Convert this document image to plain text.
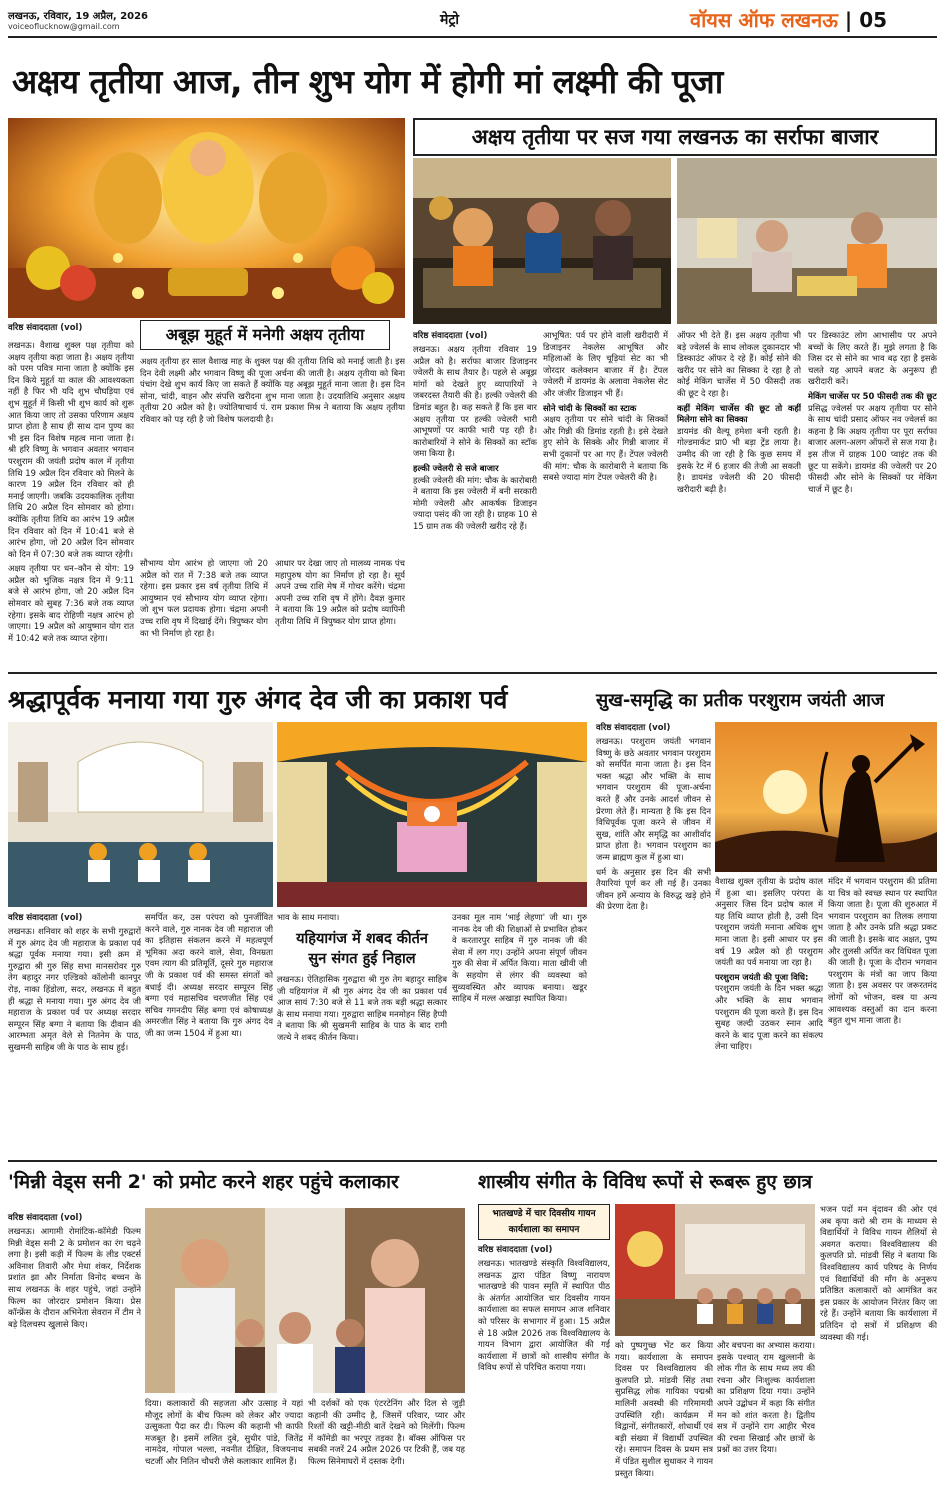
लखनऊ, रविवार, 19 अप्रैल, 2026
voiceoflucknow@gmail.com	मेट्रो	वॉयस ऑफ लखनऊ | 05
अक्षय तृतीया आज, तीन शुभ योग में होगी मां लक्ष्मी की पूजा
वरिष्ठ संवाददाता (vol)	अबूझ मुहूर्त में मनेगी अक्षय तृतीया

लखनऊ। वैशाख शुक्ल पक्ष तृतीया को अक्षय तृतीया कहा जाता है। अक्षय तृतीया को परम पवित्र माना जाता है क्योंकि इस दिन किये मुहूर्त या काल की आवश्यकता नहीं है फिर भी यदि शुभ चौघड़िया एवं शुभ मुहूर्त में किसी भी शुभ कार्य को शुरू आत किया जाए तो उसका परिणाम अक्षय प्राप्त होता है साथ ही साथ दान पुण्य का भी इस दिन विशेष महत्व माना जाता है। श्री हरि विष्णु के भगवान अवतार भगवान परशुराम की जयंती प्रदोष काल में तृतीया तिथि 19 अप्रैल दिन रविवार को मिलने के कारण 19 अप्रैल दिन रविवार को ही मनाई जाएगी। जबकि उदयकालिक तृतीया तिथि 20 अप्रैल दिन सोमवार को होगा। क्योंकि तृतीया तिथि का आरंभ 19 अप्रैल दिन रविवार को दिन में 10:41 बजे से आरंभ होगा, जो 20 अप्रैल दिन सोमवार को दिन में 07:30 बजे तक व्याप्त रहेगी।

अक्षय तृतीया पर धन–कौन से योग: 19 अप्रैल को भुजिक नक्षत्र दिन में 9:11 बजे से आरंभ होगा, जो 20 अप्रैल दिन सोमवार को सुबह 7:36 बजे तक व्याप्त रहेगा। इसके बाद रोहिणी नक्षत्र आरंभ हो जाएगा। 19 अप्रैल को आयुष्मान योग रात में 10:42 बजे तक व्याप्त रहेगा।

अक्षय तृतीया हर साल वैशाख माह के शुक्ल पक्ष की तृतीया तिथि को मनाई जाती है। इस दिन देवी लक्ष्मी और भगवान विष्णु की पूजा अर्चना की जाती है। अक्षय तृतीया को बिना पंचांग देखे शुभ कार्य किए जा सकते हैं क्योंकि यह अबूझ मुहूर्त माना जाता है। इस दिन सोना, चांदी, वाहन और संपत्ति खरीदना शुभ माना जाता है। उदयातिथि अनुसार अक्षय तृतीया 20 अप्रैल को है। ज्योतिषाचार्य पं. राम प्रकाश मिश्र ने बताया कि अक्षय तृतीया रविवार को पड़ रही है जो विशेष फलदायी है।
सौभाग्य योग आरंभ हो जाएगा जो 20 अप्रैल को रात में 7:38 बजे तक व्याप्त रहेगा। इस प्रकार इस वर्ष तृतीया तिथि में आयुष्मान एवं सौभाग्य योग व्याप्त रहेगा। जो शुभ फल प्रदायक होगा। चंद्रमा अपनी उच्च राशि वृष में दिखाई देंगे। त्रिपुष्कर योग का भी निर्माण हो रहा है।
आधार पर देखा जाए तो मालव्य नामक पंच महापुरुष योग का निर्माण हो रहा है। सूर्य अपने उच्च राशि मेष में गोचर करेंगे। चंद्रमा अपनी उच्च राशि वृष में होंगे। दैवज्ञ कुमार ने बताया कि 19 अप्रैल को प्रदोष व्यापिनी तृतीया तिथि में त्रिपुष्कर योग प्राप्त होगा।
अक्षय तृतीया पर सज गया लखनऊ का सर्राफा बाजार
वरिष्ठ संवाददाता (vol)

लखनऊ। अक्षय तृतीया रविवार 19 अप्रैल को है। सर्राफा बाजार डिजाइनर ज्वेलरी के साथ तैयार है। पहले से अबूझ मांगों को देखते हुए व्यापारियों ने जबरदस्त तैयारी की है। हल्की ज्वेलरी की डिमांड बहुत है। कह सकते हैं कि इस बार अक्षय तृतीया पर हल्की ज्वेलरी भारी आभूषणों पर काफी भारी पड़ रही है। कारोबारियों ने सोने के सिक्कों का स्टॉक जमा किया है।

हल्की ज्वेलरी से सजे बाजार

हल्की ज्वेलरी की मांग: चौक के कारोबारी ने बताया कि इस ज्वेलरी में बनी सरकारी मोमी ज्वेलरी और आकर्षक डिजाइन ज्यादा पसंद की जा रही है। ग्राहक 10 से 15 ग्राम तक की ज्वेलरी खरीद रहे हैं।

आभूषित: पर्व पर होने वाली खरीदारी में डिजाइनर नेकलेस आभूषित और महिलाओं के लिए चूड़ियां सेट का भी जोरदार कलेक्शन बाजार में है। टेंपल ज्वेलरी में डायमंड के अलावा नेकलेस सेट और जंजीर डिजाइन भी हैं।

सोने चांदी के सिक्कों का स्टाक

अक्षय तृतीया पर सोने चांदी के सिक्कों और गिन्नी की डिमांड रहती है। इसे देखते हुए सोने के सिक्के और गिन्नी बाजार में सभी दुकानों पर आ गए हैं। टेंपल ज्वेलरी की मांग: चौक के कारोबारी ने बताया कि सबसे ज्यादा मांग टेंपल ज्वेलरी की है।

ऑफर भी देते हैं। इस अक्षय तृतीया भी बड़े ज्वेलर्स के साथ लोकल दुकानदार भी डिस्काउंट ऑफर दे रहे हैं। कोई सोने की खरीद पर सोने का सिक्का दे रहा है तो कोई मेकिंग चार्जेस में 50 फीसदी तक की छूट दे रहा है।

कहीं मेकिंग चार्जेस की छूट तो कहीं मिलेगा सोने का सिक्का

डायमंड की वैल्यू हमेशा बनी रहती है। गोल्डमार्कट प्रा0 भी बड़ा ट्रेंड लाया है। उम्मीद की जा रही है कि कुछ समय में इसके रेट में 6 हजार की तेजी आ सकती है। डायमंड ज्वेलरी की 20 फीसदी खरीदारी बढ़ी है।

पर डिस्काउंट लोग आभासीय पर अपने बच्चों के लिए करते हैं। मुझे लगता है कि जिस दर से सोने का भाव बढ़ रहा है इसके चलते यह आपने बजट के अनुरूप ही खरीदारी करें।

मेकिंग चार्जेस पर 50 फीसदी तक की छूट

प्रसिद्ध ज्वेलर्स पर अक्षय तृतीया पर सोने के साथ चांदी प्रसाद ऑफर नव ज्वेलर्स का कहना है कि अक्षय तृतीया पर पूरा सर्राफा बाजार अलग-अलग ऑफरों से सज गया है। इस तीज में ग्राहक 100 प्वाइंट तक की छूट पा सकेंगे। डायमंड की ज्वेलरी पर 20 फीसदी और सोने के सिक्कों पर मेकिंग चार्ज में छूट है।

श्रद्धापूर्वक मनाया गया गुरु अंगद देव जी का प्रकाश पर्व
वरिष्ठ संवाददाता (vol)
लखनऊ। शनिवार को शहर के सभी गुरुद्वारों में गुरु अंगद देव जी महाराज के प्रकाश पर्व श्रद्धा पूर्वक मनाया गया। इसी क्रम में गुरुद्वारा श्री गुरु सिंह सभा मानसरोवर गुरु तेग बहादुर नगर एल्डिको कॉलोनी कानपुर रोड़, नाका हिंडोला, सदर, लखनऊ में बहुत ही श्रद्धा से मनाया गया। गुरु अंगद देव जी महाराज के प्रकाश पर्व पर अध्यक्ष सरदार सम्पूरन सिंह बग्गा ने बताया कि दीवान की आरम्भता अमृत वेले से नितनेम के पाठ, सुखमनी साहिब जी के पाठ के साथ हुई।
समर्पित कर, उस परंपरा को पुनर्जीवित करने वाले, गुरु नानक देव जी महाराज जी का इतिहास संकलन करने में महत्वपूर्ण भूमिका अदा करने वाले, सेवा, विनम्रता एवम त्याग की प्रतिमूर्ति, दूसरे गुरु महाराज जी के प्रकाश पर्व की समस्त संगतों को बधाई दी। अध्यक्ष सरदार सम्पूरन सिंह बग्गा एवं महासचिव चरणजीत सिंह एवं सचिव गगनदीप सिंह बग्गा एवं कोषाध्यक्ष अमरजीत सिंह ने बताया कि गुरु अंगद देव जी का जन्म 1504 में हुआ था।
भाव के साथ मनाया।
यहियागंज में शबद कीर्तन
सुन संगत हुई निहाल
लखनऊ। ऐतिहासिक गुरुद्वारा श्री गुरु तेग बहादुर साहिब जी यहियागंज में श्री गुरु अंगद देव जी का प्रकाश पर्व आज सायं 7:30 बजे से 11 बजे तक बड़ी श्रद्धा सत्कार के साथ मनाया गया। गुरुद्वारा साहिब मनमोहन सिंह हैप्पी ने बताया कि श्री सुखमनी साहिब के पाठ के बाद रागी जत्थे ने शबद कीर्तन किया।
उनका मूल नाम 'भाई लेहणा' जी था। गुरु नानक देव जी की शिक्षाओं से प्रभावित होकर वे करतारपुर साहिब में गुरु नानक जी की सेवा में लग गए। उन्होंने अपना संपूर्ण जीवन गुरु की सेवा में अर्पित किया। माता खीवी जी के सहयोग से लंगर की व्यवस्था को सुव्यवस्थित और व्यापक बनाया। खडूर साहिब में मल्ल अखाड़ा स्थापित किया।
सुख-समृद्धि का प्रतीक परशुराम जयंती आज
वरिष्ठ संवाददाता (vol)

लखनऊ। परशुराम जयंती भगवान विष्णु के छठे अवतार भगवान परशुराम को समर्पित माना जाता है। इस दिन भक्त श्रद्धा और भक्ति के साथ भगवान परशुराम की पूजा-अर्चना करते हैं और उनके आदर्श जीवन से प्रेरणा लेते हैं। मान्यता है कि इस दिन विधिपूर्वक पूजा करने से जीवन में सुख, शांति और समृद्धि का आशीर्वाद प्राप्त होता है। भगवान परशुराम का जन्म ब्राह्मण कुल में हुआ था।

धर्म के अनुसार इस दिन की सभी तैयारियां पूर्ण कर ली गई हैं। उनका जीवन हमें अन्याय के विरुद्ध खड़े होने की प्रेरणा देता है।

वैशाख शुक्ल तृतीया के प्रदोष काल में हुआ था। इसलिए परंपरा के अनुसार जिस दिन प्रदोष काल में यह तिथि व्याप्त होती है, उसी दिन परशुराम जयंती मनाना अधिक शुभ माना जाता है। इसी आधार पर इस वर्ष 19 अप्रैल को ही परशुराम जयंती का पर्व मनाया जा रहा है।

परशुराम जयंती की पूजा विधि:

परशुराम जयंती के दिन भक्त श्रद्धा और भक्ति के साथ भगवान परशुराम की पूजा करते हैं। इस दिन सुबह जल्दी उठकर स्नान आदि करने के बाद पूजा करने का संकल्प लेना चाहिए।

मंदिर में भगवान परशुराम की प्रतिमा या चित्र को स्वच्छ स्थान पर स्थापित किया जाता है। पूजा की शुरुआत में भगवान परशुराम का तिलक लगाया जाता है और उनके प्रति श्रद्धा प्रकट की जाती है। इसके बाद अक्षत, पुष्प और तुलसी अर्पित कर विधिवत पूजा की जाती है। पूजा के दौरान भगवान परशुराम के मंत्रों का जाप किया जाता है। इस अवसर पर जरूरतमंद लोगों को भोजन, वस्त्र या अन्य आवश्यक वस्तुओं का दान करना बहुत शुभ माना जाता है।
'मिन्नी वेड्स सनी 2' को प्रमोट करने शहर पहुंचे कलाकार
वरिष्ठ संवाददाता (vol)
लखनऊ। आगामी रोमांटिक-कॉमेडी फिल्म मिन्नी वेड्स सनी 2 के प्रमोशन का रंग चढ़ने लगा है। इसी कड़ी में फिल्म के लीड एक्टर्स अविनाश तिवारी और मेधा शंकर, निर्देशक प्रशांत झा और निर्माता विनोद बच्चन के साथ लखनऊ के शहर पहुंचे, जहां उन्होंने फिल्म का जोरदार प्रमोशन किया। प्रेस कॉन्फ्रेंस के दौरान अभिनेता सेवरान में टीम ने बड़े दिलचस्प खुलासे किए।
दिया। कलाकारों की सहजता और उत्साह ने यहां मौजूद लोगों के बीच फिल्म को लेकर और ज्यादा उत्सुकता पैदा कर दी। फिल्म की कहानी भी काफी मजबूत है। इसमें ललित दुबे, सुधीर पांडे, जितेंद्र नामदेव, गोपाल भल्ला, नवनीत दीक्षित, विजयनाथ चटर्जी और नितिन चौधरी जैसे कलाकार शामिल हैं।
भी दर्शकों को एक एंटरटेनिंग और दिल से जुड़ी कहानी की उम्मीद है, जिसमें परिवार, प्यार और रिश्तों की खट्टी-मीठी बातें देखने को मिलेंगी। फिल्म में कॉमेडी का भरपूर तड़का है। बॉक्स ऑफिस पर सबकी नजरें 24 अप्रैल 2026 पर टिकी हैं, जब यह फिल्म सिनेमाघरों में दस्तक देगी।
शास्त्रीय संगीत के विविध रूपों से रूबरू हुए छात्र
भातखण्डे में चार दिवसीय गायन कार्यशाला का समापन
वरिष्ठ संवाददाता (vol)
लखनऊ। भातखण्डे संस्कृति विश्वविद्यालय, लखनऊ द्वारा पंडित विष्णु नारायण भातखण्डे की पावन स्मृति में स्थापित पीठ के अंतर्गत आयोजित चार दिवसीय गायन कार्यशाला का सफल समापन आज शनिवार को परिसर के सभागार में हुआ। 15 अप्रैल से 18 अप्रैल 2026 तक विश्वविद्यालय के गायन विभाग द्वारा आयोजित की गई कार्यशाला में छात्रों को शास्त्रीय संगीत के विविध रूपों से परिचित कराया गया।
को पुष्पगुच्छ भेंट कर किया गया। कार्यशाला के समापन दिवस पर विश्वविद्यालय की कुलपति प्रो. मांडवी सिंह तथा सुप्रसिद्ध लोक गायिका पद्मश्री मालिनी अवस्थी की गरिमामयी उपस्थिति रही। कार्यक्रम में विद्वानों, संगीतकारों, शोधार्थी एवं बड़ी संख्या में विद्यार्थी उपस्थित रहे। समापन दिवस के प्रथम सत्र में पंडित सुशील सुधाकर ने गायन प्रस्तुत किया।
और बचपना का अभ्यास कराया। इसके पश्चात् राम खुल्लानी के लोक गीत के साथ मध्य लय की रचना और निःशुल्क कार्यशाला का प्रशिक्षण दिया गया। उन्होंने अपने उद्बोधन में कहा कि संगीत मन को शांत करता है। द्वितीय सत्र में उन्होंने राग आहीर भैरव की रचना सिखाई और छात्रों के प्रश्नों का उत्तर दिया।
भजन पदों मन वृंदावन की ओर एवं अब कृपा करो श्री राम के माध्यम से विद्यार्थियों ने विविध गायन शैलियों से अवगत कराया। विश्वविद्यालय की कुलपति प्रो. मांडवी सिंह ने बताया कि विश्वविद्यालय कार्य परिषद के निर्णय एवं विद्यार्थियों की माँग के अनुरूप प्रतिष्ठित कलाकारों को आमंत्रित कर इस प्रकार के आयोजन निरंतर किए जा रहे हैं। उन्होंने बताया कि कार्यशाला में प्रतिदिन दो सत्रों में प्रशिक्षण की व्यवस्था की गई।
